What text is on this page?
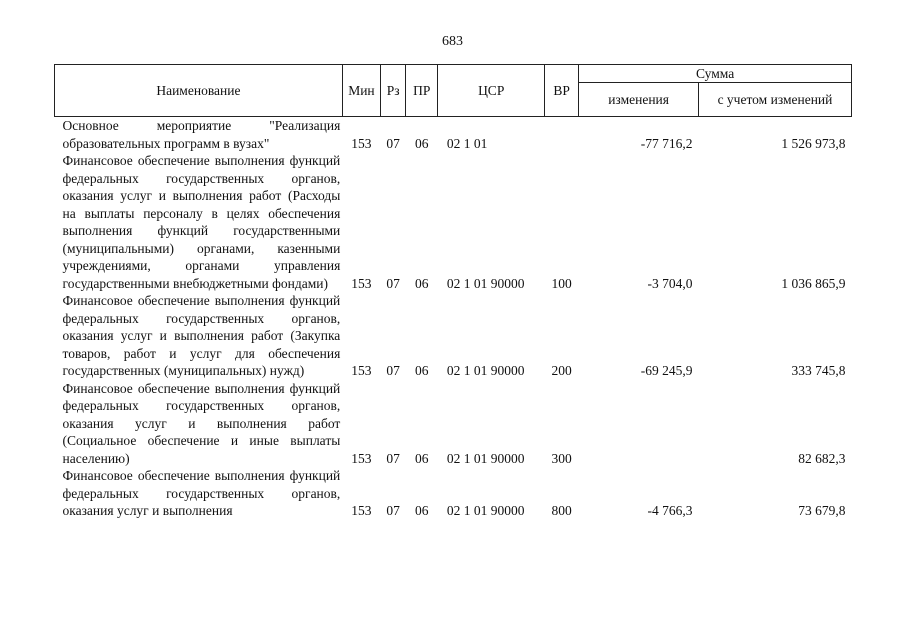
683
Наименование	Мин	Рз	ПР	ЦСР	ВР	Сумма	
						изменения	с учетом изменений
Основное мероприятие "Реализация образовательных программ в вузах"	153	07	06	02 1 01		-77 716,2	1 526 973,8
Финансовое обеспечение выполнения функций федеральных государственных органов, оказания услуг и выполнения работ (Расходы на выплаты персоналу в целях обеспечения выполнения функций государственными (муниципальными) органами, казенными учреждениями, органами управления государственными внебюджетными фондами)	153	07	06	02 1 01 90000	100	-3 704,0	1 036 865,9
Финансовое обеспечение выполнения функций федеральных государственных органов, оказания услуг и выполнения работ (Закупка товаров, работ и услуг для обеспечения государственных (муниципальных) нужд)	153	07	06	02 1 01 90000	200	-69 245,9	333 745,8
Финансовое обеспечение выполнения функций федеральных государственных органов, оказания услуг и выполнения работ (Социальное обеспечение и иные выплаты населению)	153	07	06	02 1 01 90000	300		82 682,3
Финансовое обеспечение выполнения функций федеральных государственных органов, оказания услуг и выполнения	153	07	06	02 1 01 90000	800	-4 766,3	73 679,8
